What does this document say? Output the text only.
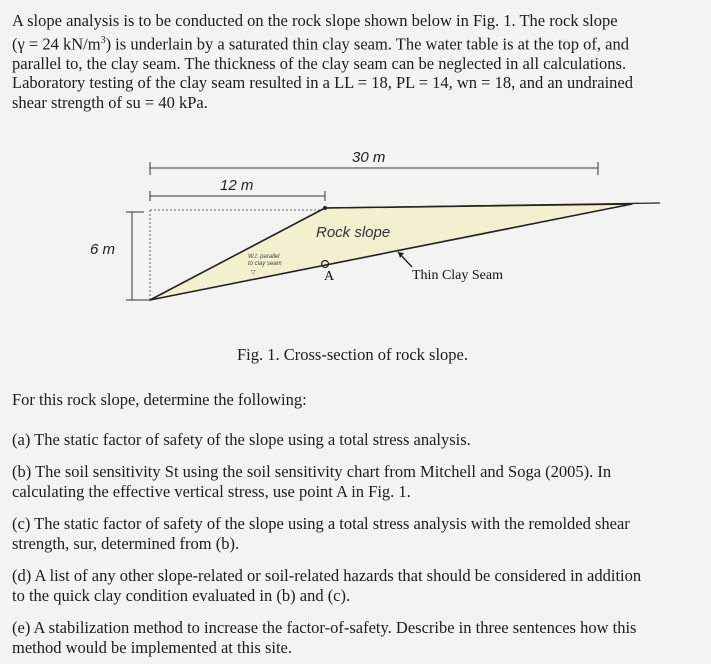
A slope analysis is to be conducted on the rock slope shown below in Fig. 1. The rock slope
(γ = 24 $kN/m^3$) is underlain by a saturated thin clay seam. The water table is at the top of, and
parallel to, the clay seam. The thickness of the clay seam can be neglected in all calculations.
Laboratory testing of the clay seam resulted in a LL = 18, PL = 14, wn = 18, and an undrained
shear strength of su = 40 kPa.
30 m
12 m
6 m
Rock slope
W.t. parallel
to clay seam
▽	A	Thin Clay Seam
Fig. 1. Cross-section of rock slope.
For this rock slope, determine the following:
(a) The static factor of safety of the slope using a total stress analysis.
(b) The soil sensitivity St using the soil sensitivity chart from Mitchell and Soga (2005). In
calculating the effective vertical stress, use point A in Fig. 1.
(c) The static factor of safety of the slope using a total stress analysis with the remolded shear
strength, sur, determined from (b).
(d) A list of any other slope-related or soil-related hazards that should be considered in addition
to the quick clay condition evaluated in (b) and (c).
(e) A stabilization method to increase the factor-of-safety. Describe in three sentences how this
method would be implemented at this site.
